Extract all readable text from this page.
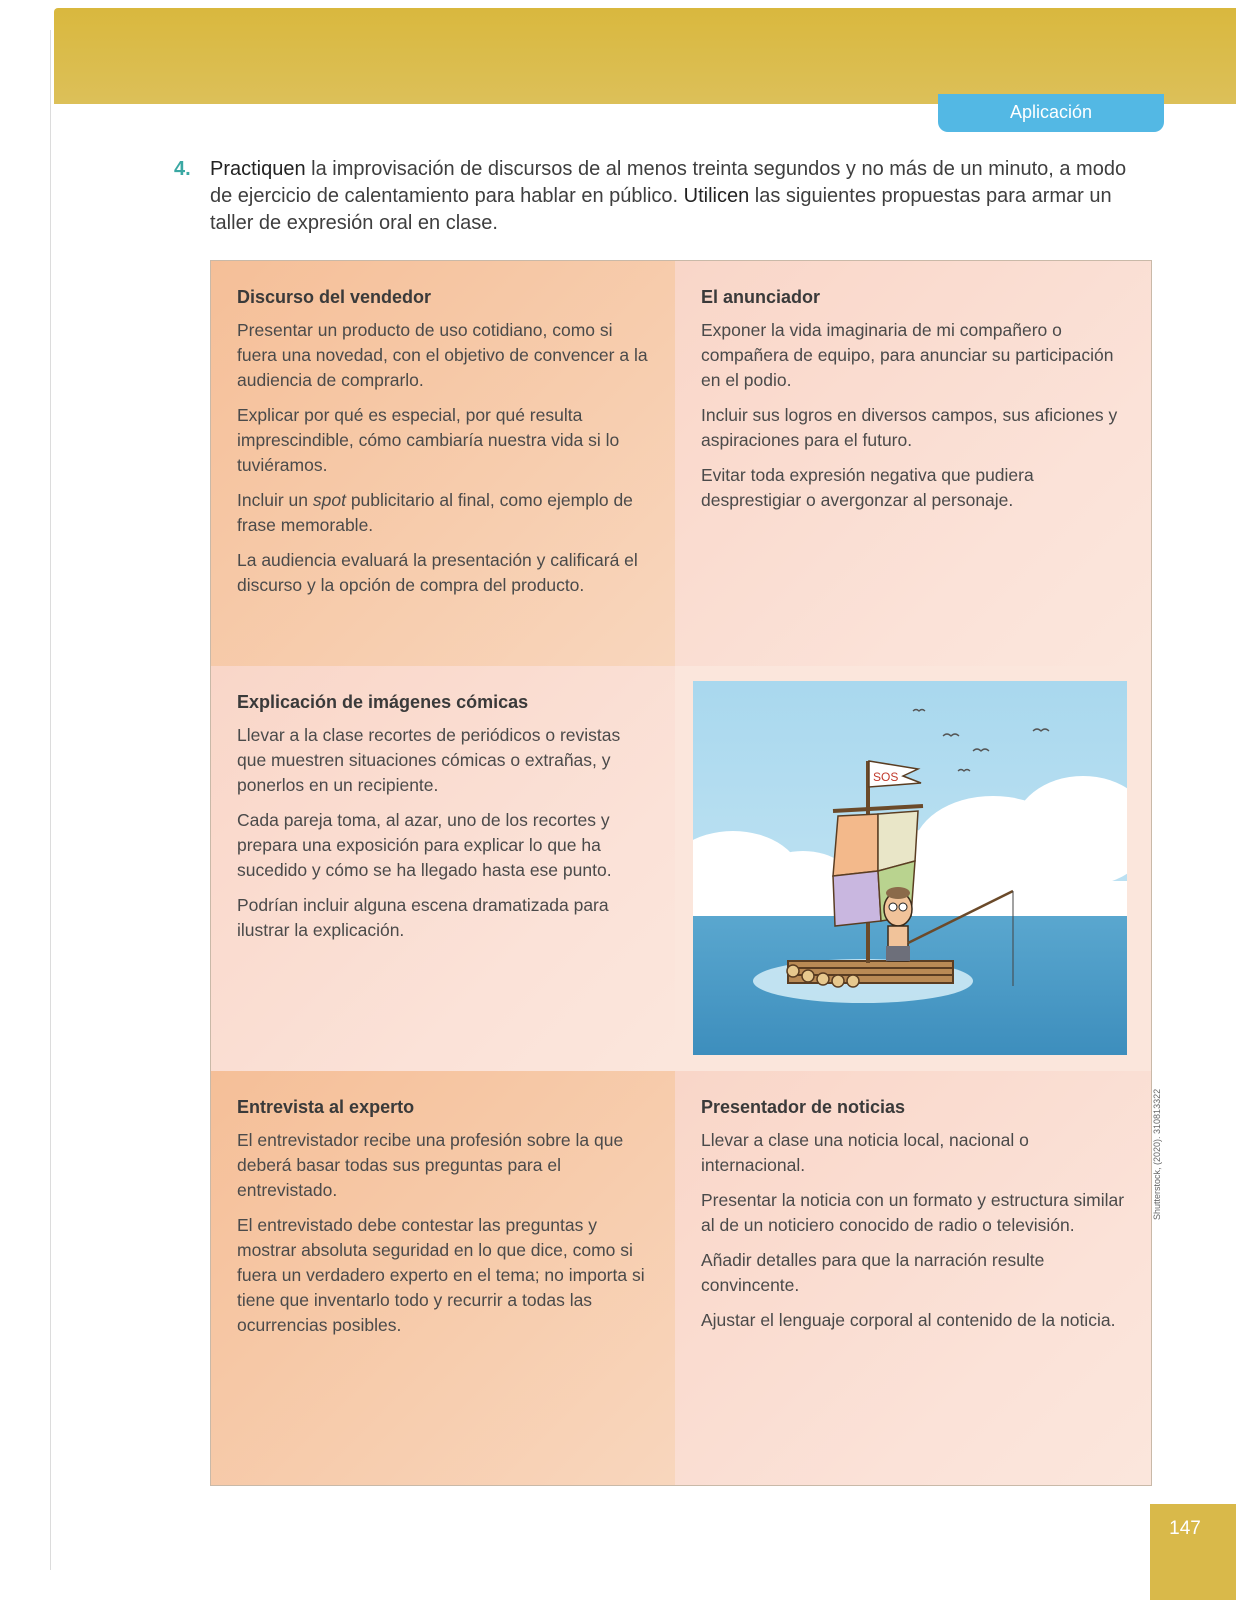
Aplicación
4. Practiquen la improvisación de discursos de al menos treinta segundos y no más de un minuto, a modo de ejercicio de calentamiento para hablar en público. Utilicen las siguientes propuestas para armar un taller de expresión oral en clase.

Discurso del vendedor

Presentar un producto de uso cotidiano, como si fuera una novedad, con el objetivo de convencer a la audiencia de comprarlo.

Explicar por qué es especial, por qué resulta imprescindible, cómo cambiaría nuestra vida si lo tuviéramos.

Incluir un spot publicitario al final, como ejemplo de frase memorable.

La audiencia evaluará la presentación y calificará el discurso y la opción de compra del producto.

El anunciador

Exponer la vida imaginaria de mi compañero o compañera de equipo, para anunciar su participación en el podio.

Incluir sus logros en diversos campos, sus aficiones y aspiraciones para el futuro.

Evitar toda expresión negativa que pudiera desprestigiar o avergonzar al personaje.

Explicación de imágenes cómicas

Llevar a la clase recortes de periódicos o revistas que muestren situaciones cómicas o extrañas, y ponerlos en un recipiente.

Cada pareja toma, al azar, uno de los recortes y prepara una exposición para explicar lo que ha sucedido y cómo se ha llegado hasta ese punto.

Podrían incluir alguna escena dramatizada para ilustrar la explicación.

Entrevista al experto

El entrevistador recibe una profesión sobre la que deberá basar todas sus preguntas para el entrevistado.

El entrevistado debe contestar las preguntas y mostrar absoluta seguridad en lo que dice, como si fuera un verdadero experto en el tema; no importa si tiene que inventarlo todo y recurrir a todas las ocurrencias posibles.

Presentador de noticias

Llevar a clase una noticia local, nacional o internacional.

Presentar la noticia con un formato y estructura similar al de un noticiero conocido de radio o televisión.

Añadir detalles para que la narración resulte convincente.

Ajustar el lenguaje corporal al contenido de la noticia.

SOS
Shutterstock, (2020). 310813322
147
